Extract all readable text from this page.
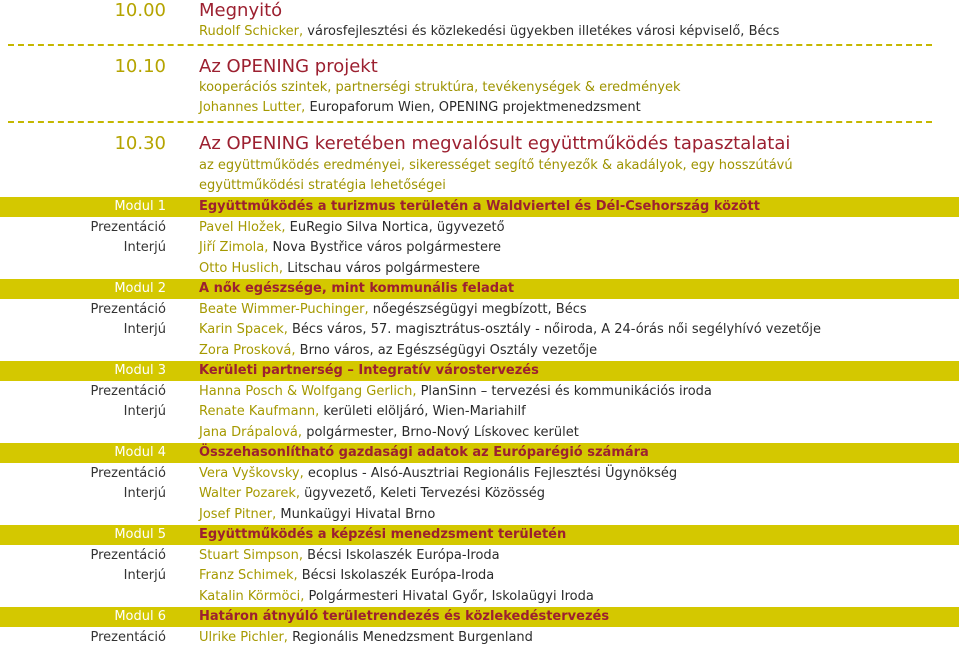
10.00 Megnyitó
Rudolf Schicker, városfejlesztési és közlekedési ügyekben illetékes városi képviselő, Bécs
10.10 Az OPENING projekt
kooperációs szintek, partnerségi struktúra, tevékenységek & eredmények
Johannes Lutter, Europaforum Wien, OPENING projektmenedzsment
10.30 Az OPENING keretében megvalósult együttműködés tapasztalatai
az együttműködés eredményei, sikerességet segítő tényezők & akadályok, egy hosszútávú
együttműködési stratégia lehetőségei
Modul 1	Együttműködés a turizmus területén a Waldviertel és Dél-Csehország között
Prezentáció	Pavel Hložek, EuRegio Silva Nortica, ügyvezető
Interjú	Jiří Zimola, Nova Bystřice város polgármestere
Otto Huslich, Litschau város polgármestere
Modul 2	A nők egészsége, mint kommunális feladat
Prezentáció	Beate Wimmer-Puchinger, nőegészségügyi megbízott, Bécs
Interjú	Karin Spacek, Bécs város, 57. magisztrátus-osztály - nőiroda, A 24-órás női segélyhívó vezetője
Zora Prosková, Brno város, az Egészségügyi Osztály vezetője
Modul 3	Kerületi partnerség – Integratív várostervezés
Prezentáció	Hanna Posch & Wolfgang Gerlich, PlanSinn – tervezési és kommunikációs iroda
Interjú	Renate Kaufmann, kerületi elöljáró, Wien-Mariahilf
Jana Drápalová, polgármester, Brno-Nový Lískovec kerület
Modul 4	Összehasonlítható gazdasági adatok az Európarégió számára
Prezentáció	Vera Vyškovsky, ecoplus - Alsó-Ausztriai Regionális Fejlesztési Ügynökség
Interjú	Walter Pozarek, ügyvezető, Keleti Tervezési Közösség
Josef Pitner, Munkaügyi Hivatal Brno
Modul 5	Együttműködés a képzési menedzsment területén
Prezentáció	Stuart Simpson, Bécsi Iskolaszék Európa-Iroda
Interjú	Franz Schimek, Bécsi Iskolaszék Európa-Iroda
Katalin Körmöci, Polgármesteri Hivatal Győr, Iskolaügyi Iroda
Modul 6	Határon átnyúló területrendezés és közlekedéstervezés
Prezentáció	Ulrike Pichler, Regionális Menedzsment Burgenland
